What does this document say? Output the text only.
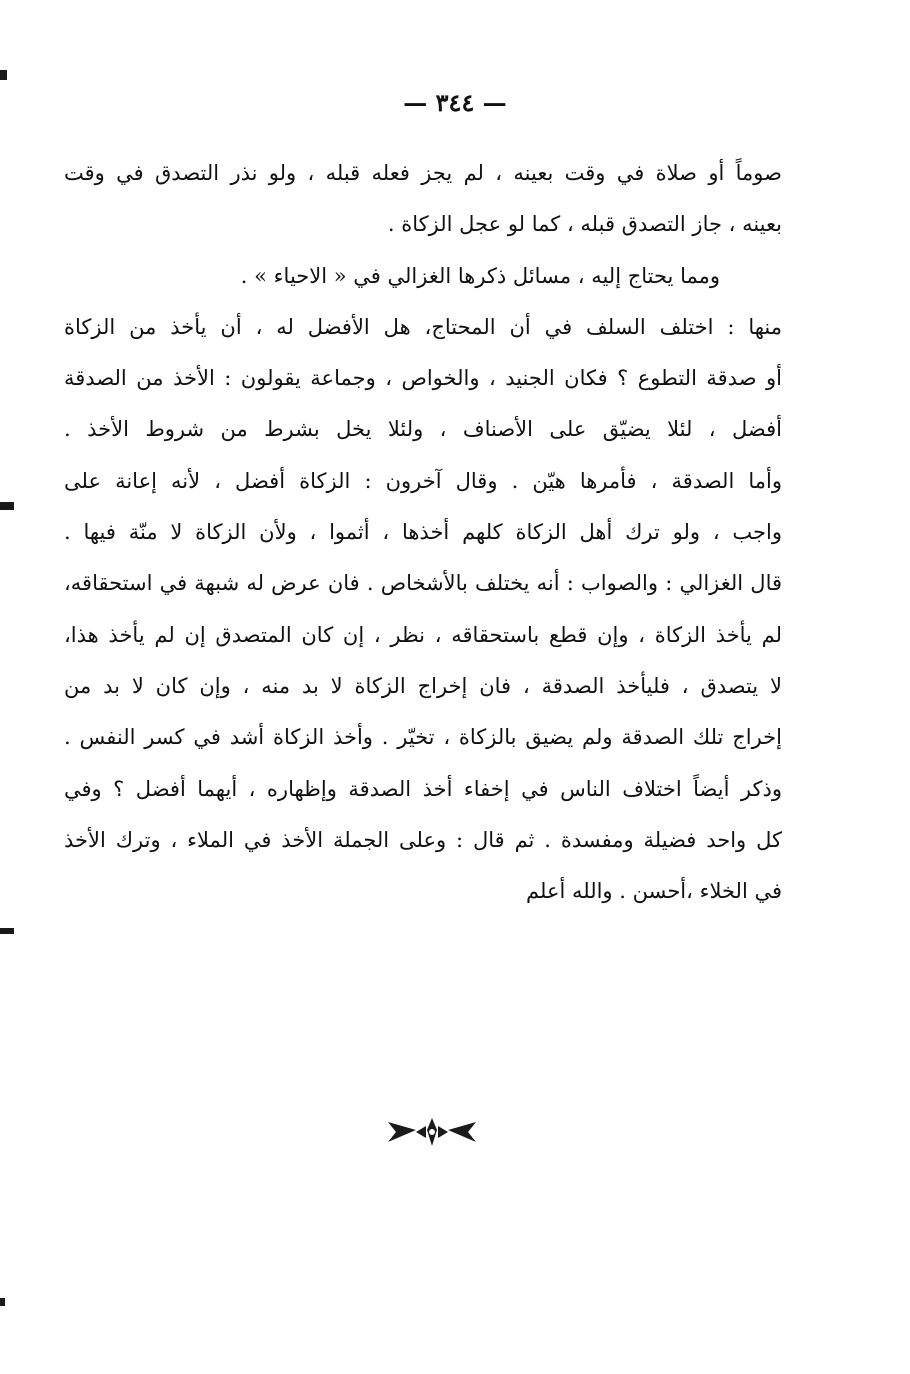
— ٣٤٤ —
صوماً أو صلاة في وقت بعينه ، لم يجز فعله قبله ، ولو نذر التصدق في وقت
بعينه ، جاز التصدق قبله ، كما لو عجل الزكاة .
ومما يحتاج إليه ، مسائل ذكرها الغزالي في « الاحياء » .
منها : اختلف السلف في أن المحتاج، هل الأفضل له ، أن يأخذ من الزكاة
أو صدقة التطوع ؟ فكان الجنيد ، والخواص ، وجماعة يقولون : الأخذ من الصدقة
أفضل ، لئلا يضيّق على الأصناف ، ولئلا يخل بشرط من شروط الأخذ .
وأما الصدقة ، فأمرها هيّن . وقال آخرون : الزكاة أفضل ، لأنه إعانة على
واجب ، ولو ترك أهل الزكاة كلهم أخذها ، أثموا ، ولأن الزكاة لا منّة فيها .
قال الغزالي : والصواب : أنه يختلف بالأشخاص . فان عرض له شبهة في استحقاقه،
لم يأخذ الزكاة ، وإن قطع باستحقاقه ، نظر ، إن كان المتصدق إن لم يأخذ هذا،
لا يتصدق ، فليأخذ الصدقة ، فان إخراج الزكاة لا بد منه ، وإن كان لا بد من
إخراج تلك الصدقة ولم يضيق بالزكاة ، تخيّر . وأخذ الزكاة أشد في كسر النفس .
وذكر أيضاً اختلاف الناس في إخفاء أخذ الصدقة وإظهاره ، أيهما أفضل ؟ وفي
كل واحد فضيلة ومفسدة . ثم قال : وعلى الجملة الأخذ في الملاء ، وترك الأخذ
في الخلاء ،أحسن . والله أعلم
